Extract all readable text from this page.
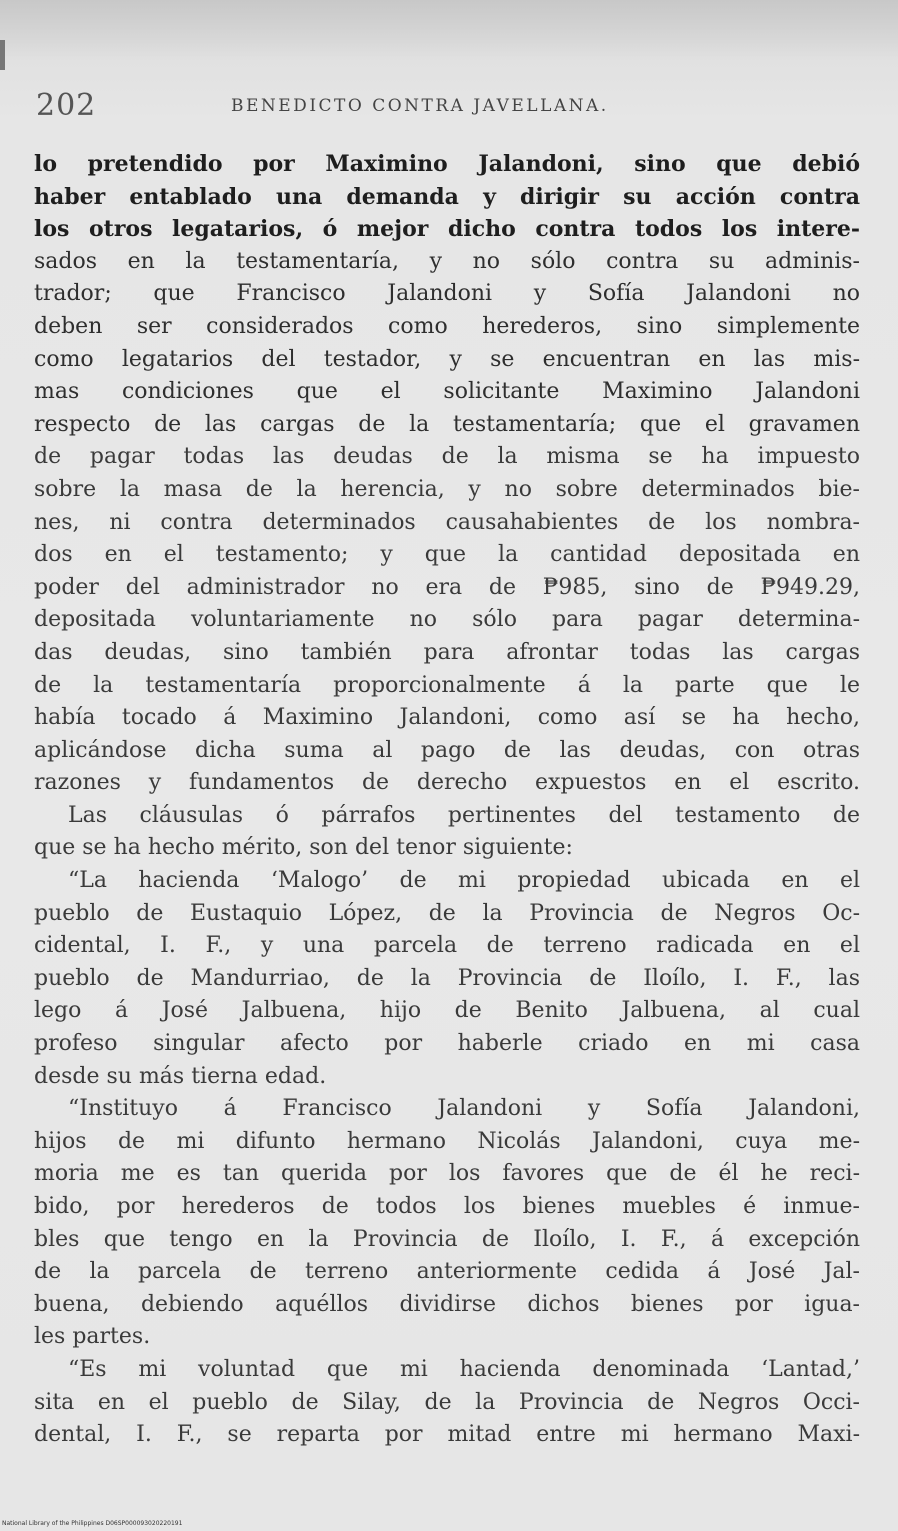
202	BENEDICTO CONTRA JAVELLANA.
lo pretendido por Maximino Jalandoni, sino que debió
haber entablado una demanda y dirigir su acción contra
los otros legatarios, ó mejor dicho contra todos los intere-
sados en la testamentaría, y no sólo contra su adminis-
trador; que Francisco Jalandoni y Sofía Jalandoni no
deben ser considerados como herederos, sino simplemente
como legatarios del testador, y se encuentran en las mis-
mas condiciones que el solicitante Maximino Jalandoni
respecto de las cargas de la testamentaría; que el gravamen
de pagar todas las deudas de la misma se ha impuesto
sobre la masa de la herencia, y no sobre determinados bie-
nes, ni contra determinados causahabientes de los nombra-
dos en el testamento; y que la cantidad depositada en
poder del administrador no era de ₱985, sino de ₱949.29,
depositada voluntariamente no sólo para pagar determina-
das deudas, sino también para afrontar todas las cargas
de la testamentaría proporcionalmente á la parte que le
había tocado á Maximino Jalandoni, como así se ha hecho,
aplicándose dicha suma al pago de las deudas, con otras
razones y fundamentos de derecho expuestos en el escrito.
Las cláusulas ó párrafos pertinentes del testamento de
que se ha hecho mérito, son del tenor siguiente:
“La hacienda ‘Malogo’ de mi propiedad ubicada en el
pueblo de Eustaquio López, de la Provincia de Negros Oc-
cidental, I. F., y una parcela de terreno radicada en el
pueblo de Mandurriao, de la Provincia de Iloílo, I. F., las
lego á José Jalbuena, hijo de Benito Jalbuena, al cual
profeso singular afecto por haberle criado en mi casa
desde su más tierna edad.
“Instituyo á Francisco Jalandoni y Sofía Jalandoni,
hijos de mi difunto hermano Nicolás Jalandoni, cuya me-
moria me es tan querida por los favores que de él he reci-
bido, por herederos de todos los bienes muebles é inmue-
bles que tengo en la Provincia de Iloílo, I. F., á excepción
de la parcela de terreno anteriormente cedida á José Jal-
buena, debiendo aquéllos dividirse dichos bienes por igua-
les partes.
“Es mi voluntad que mi hacienda denominada ‘Lantad,’
sita en el pueblo de Silay, de la Provincia de Negros Occi-
dental, I. F., se reparta por mitad entre mi hermano Maxi-
National Library of the Philippines D06SP000093020220191
